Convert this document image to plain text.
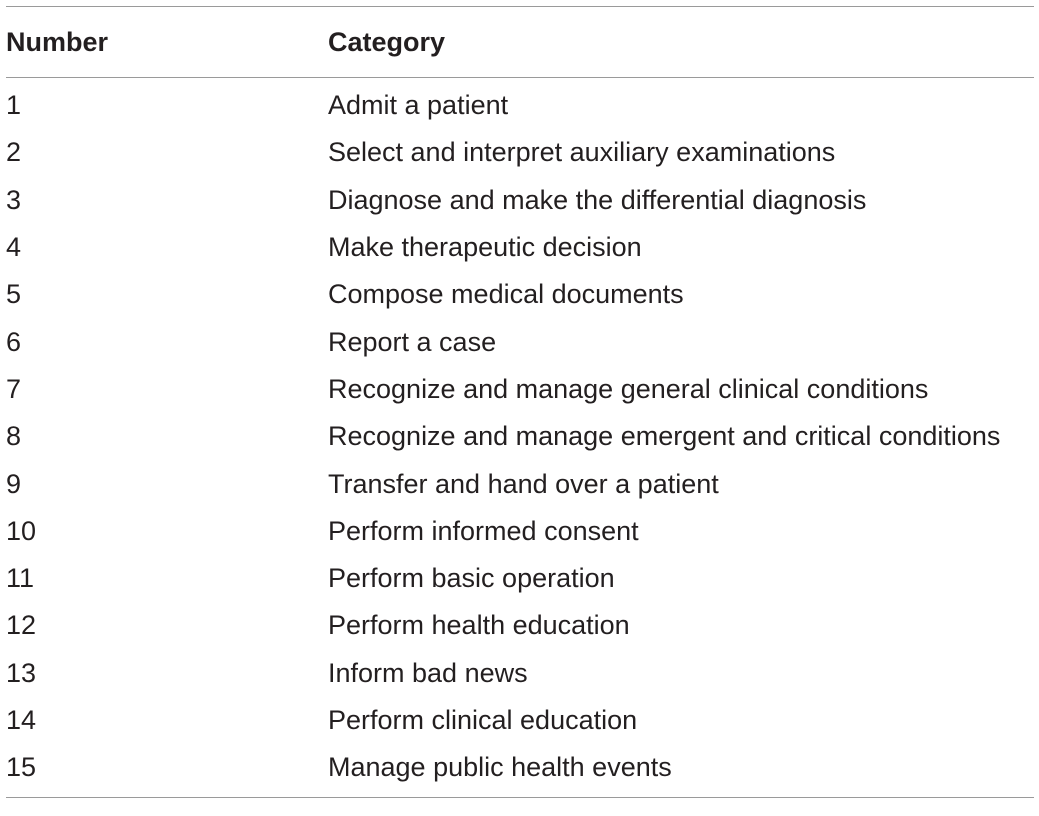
Number	Category
1	Admit a patient
2	Select and interpret auxiliary examinations
3	Diagnose and make the differential diagnosis
4	Make therapeutic decision
5	Compose medical documents
6	Report a case
7	Recognize and manage general clinical conditions
8	Recognize and manage emergent and critical conditions
9	Transfer and hand over a patient
10	Perform informed consent
11	Perform basic operation
12	Perform health education
13	Inform bad news
14	Perform clinical education
15	Manage public health events
